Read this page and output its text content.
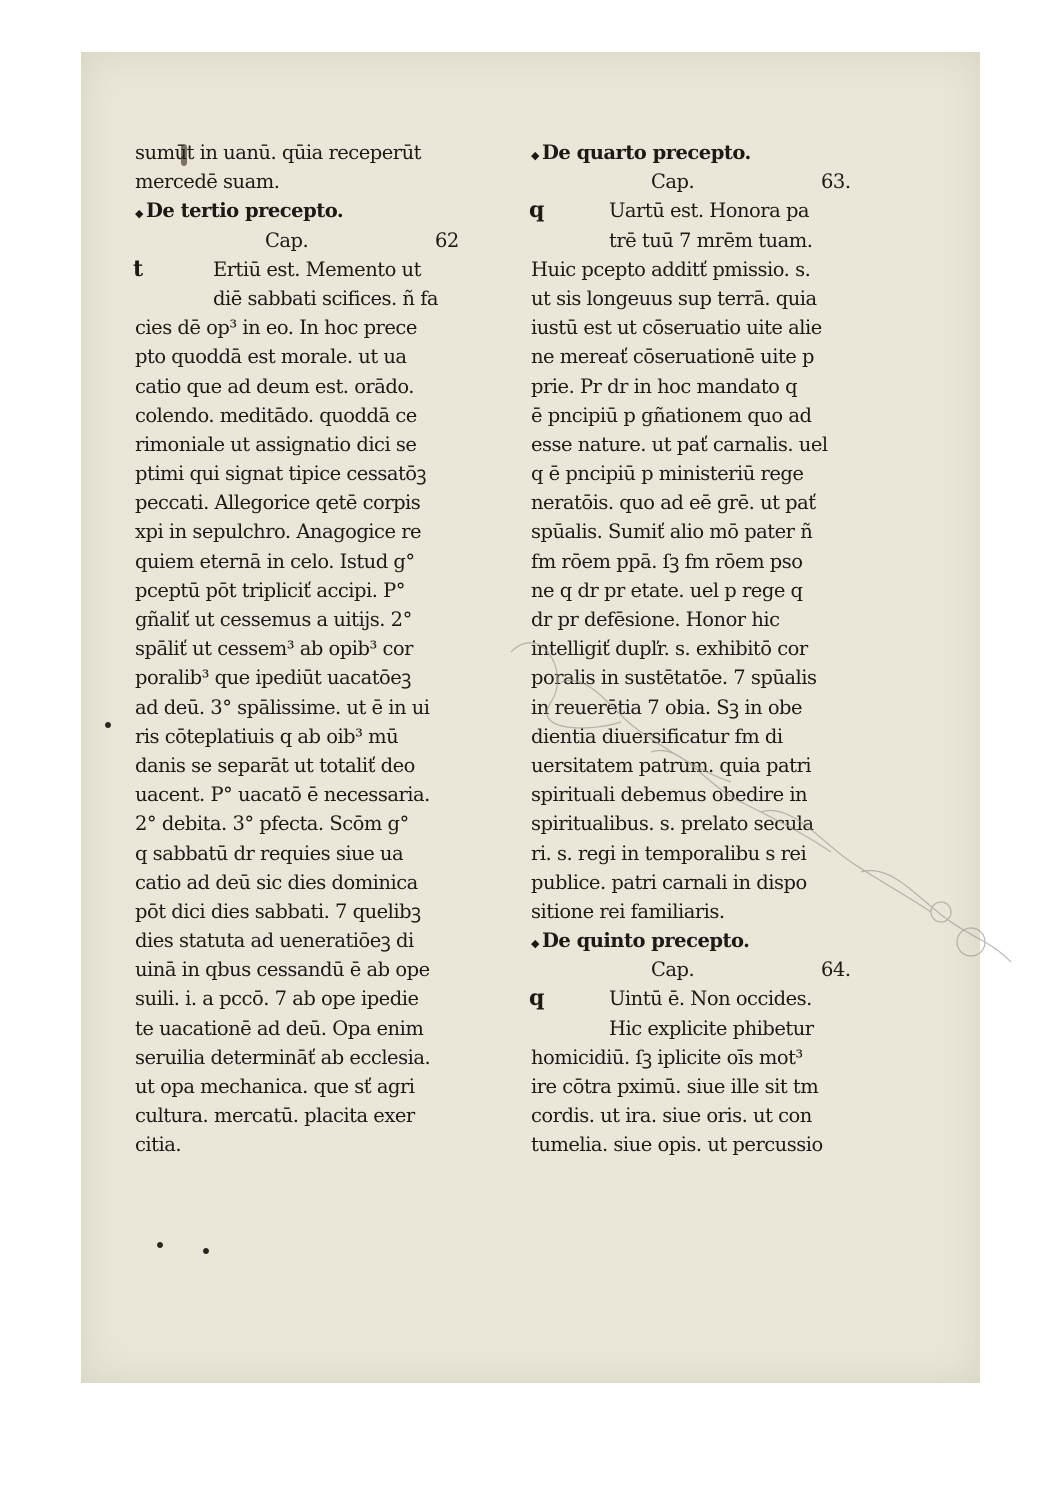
sumūt in uanū. qūia receperūt
mercedē suam.
◆ De tertio precepto.
Cap.	62
t	Ertiū est. Memento ut
diē sabbati scifices. ñ fa
cies dē op³ in eo. In hoc prece
pto quoddā est morale. ut ua
catio que ad deum est. orādo.
colendo. meditādo. quoddā ce
rimoniale ut assignatio dici se
ptimi qui signat tipice cessatōꝫ
peccati. Allegorice qetē corpis
xpi in sepulchro. Anagogice re
quiem eternā in celo. Istud g°
pceptū pōt tripliciť accipi. P°
gñaliť ut cessemus a uitijs. 2°
spāliť ut cessem³ ab opib³ cor
poralib³ que ipediūt uacatōeꝫ
ad deū. 3° spālissime. ut ē in ui
ris cōteplatiuis q ab oib³ mū
danis se separāt ut totaliť deo
uacent. P° uacatō ē necessaria.
2° debita. 3° pfecta. Scōm g°
q sabbatū dr requies siue ua
catio ad deū sic dies dominica
pōt dici dies sabbati. 7 quelibꝫ
dies statuta ad ueneratiōeꝫ di
uinā in qbus cessandū ē ab ope
suili. i. a pccō. 7 ab ope ipedie
te uacationē ad deū. Opa enim
seruilia determināť ab ecclesia.
ut opa mechanica. que sť agri
cultura. mercatū. placita exer
citia.
◆ De quarto precepto.
Cap.	63.
q	Uartū est. Honora pa
trē tuū 7 mrēm tuam.
Huic pcepto additť pmissio. s.
ut sis longeuus sup terrā. quia
iustū est ut cōseruatio uite alie
ne mereať cōseruationē uite p
prie. Pr dr in hoc mandato q
ē pncipiū p gñationem quo ad
esse nature. ut pať carnalis. uel
q ē pncipiū p ministeriū rege
neratōis. quo ad eē grē. ut pať
spūalis. Sumiť alio mō pater ñ
fm rōem ppā. ſꝫ fm rōem pso
ne q dr pr etate. uel p rege q
dr pr defēsione. Honor hic
intelligiť dupľr. s. exhibitō cor
poralis in sustētatōe. 7 spūalis
in reuerētia 7 obia. Sꝫ in obe
dientia diuersificatur fm di
uersitatem patrum. quia patri
spirituali debemus obedire in
spiritualibus. s. prelato secula
ri. s. regi in temporalibu s rei
publice. patri carnali in dispo
sitione rei familiaris.
◆ De quinto precepto.
Cap.	64.
q	Uintū ē. Non occides.
Hic explicite phibetur
homicidiū. ſꝫ iplicite oīs mot³
ire cōtra pximū. siue ille sit tm
cordis. ut ira. siue oris. ut con
tumelia. siue opis. ut percussio
